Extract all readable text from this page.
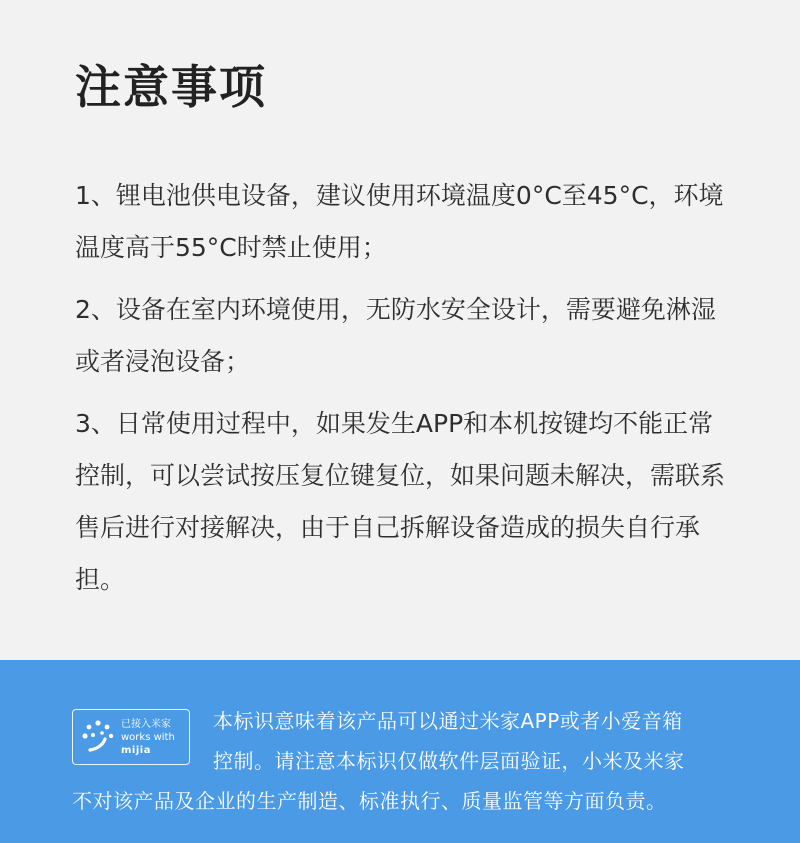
注意事项
1、锂电池供电设备，建议使用环境温度0°C至45°C，环境温度高于55°C时禁止使用；
2、设备在室内环境使用，无防水安全设计，需要避免淋湿或者浸泡设备；
3、日常使用过程中，如果发生APP和本机按键均不能正常控制，可以尝试按压复位键复位，如果问题未解决，需联系售后进行对接解决，由于自己拆解设备造成的损失自行承担。
已接入米家
works with
mijia
本标识意味着该产品可以通过米家APP或者小爱音箱
控制。请注意本标识仅做软件层面验证，小米及米家
不对该产品及企业的生产制造、标准执行、质量监管等方面负责。
